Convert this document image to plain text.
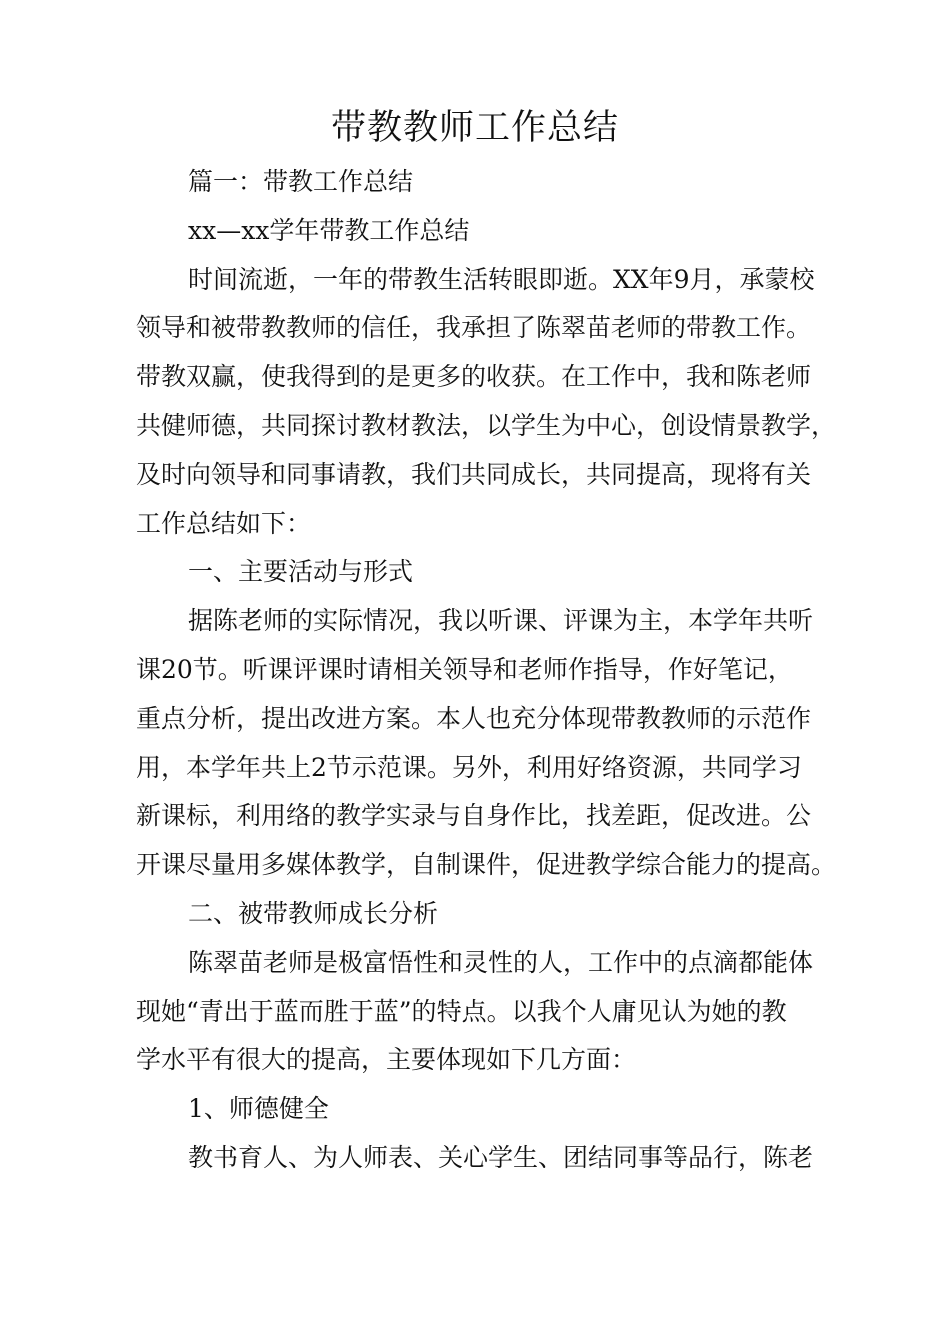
带教教师工作总结

篇一：带教工作总结

xx—xx学年带教工作总结

时间流逝，一年的带教生活转眼即逝。XX年9月，承蒙校

领导和被带教教师的信任，我承担了陈翠苗老师的带教工作。

带教双赢，使我得到的是更多的收获。在工作中，我和陈老师

共健师德，共同探讨教材教法，以学生为中心，创设情景教学，

及时向领导和同事请教，我们共同成长，共同提高，现将有关

工作总结如下：

一、主要活动与形式

据陈老师的实际情况，我以听课、评课为主，本学年共听

课20节。听课评课时请相关领导和老师作指导，作好笔记，

重点分析，提出改进方案。本人也充分体现带教教师的示范作

用，本学年共上2节示范课。另外，利用好络资源，共同学习

新课标，利用络的教学实录与自身作比，找差距，促改进。公

开课尽量用多媒体教学，自制课件，促进教学综合能力的提高。

二、被带教师成长分析

陈翠苗老师是极富悟性和灵性的人，工作中的点滴都能体

现她“青出于蓝而胜于蓝”的特点。以我个人庸见认为她的教

学水平有很大的提高，主要体现如下几方面：

1、师德健全

教书育人、为人师表、关心学生、团结同事等品行，陈老
